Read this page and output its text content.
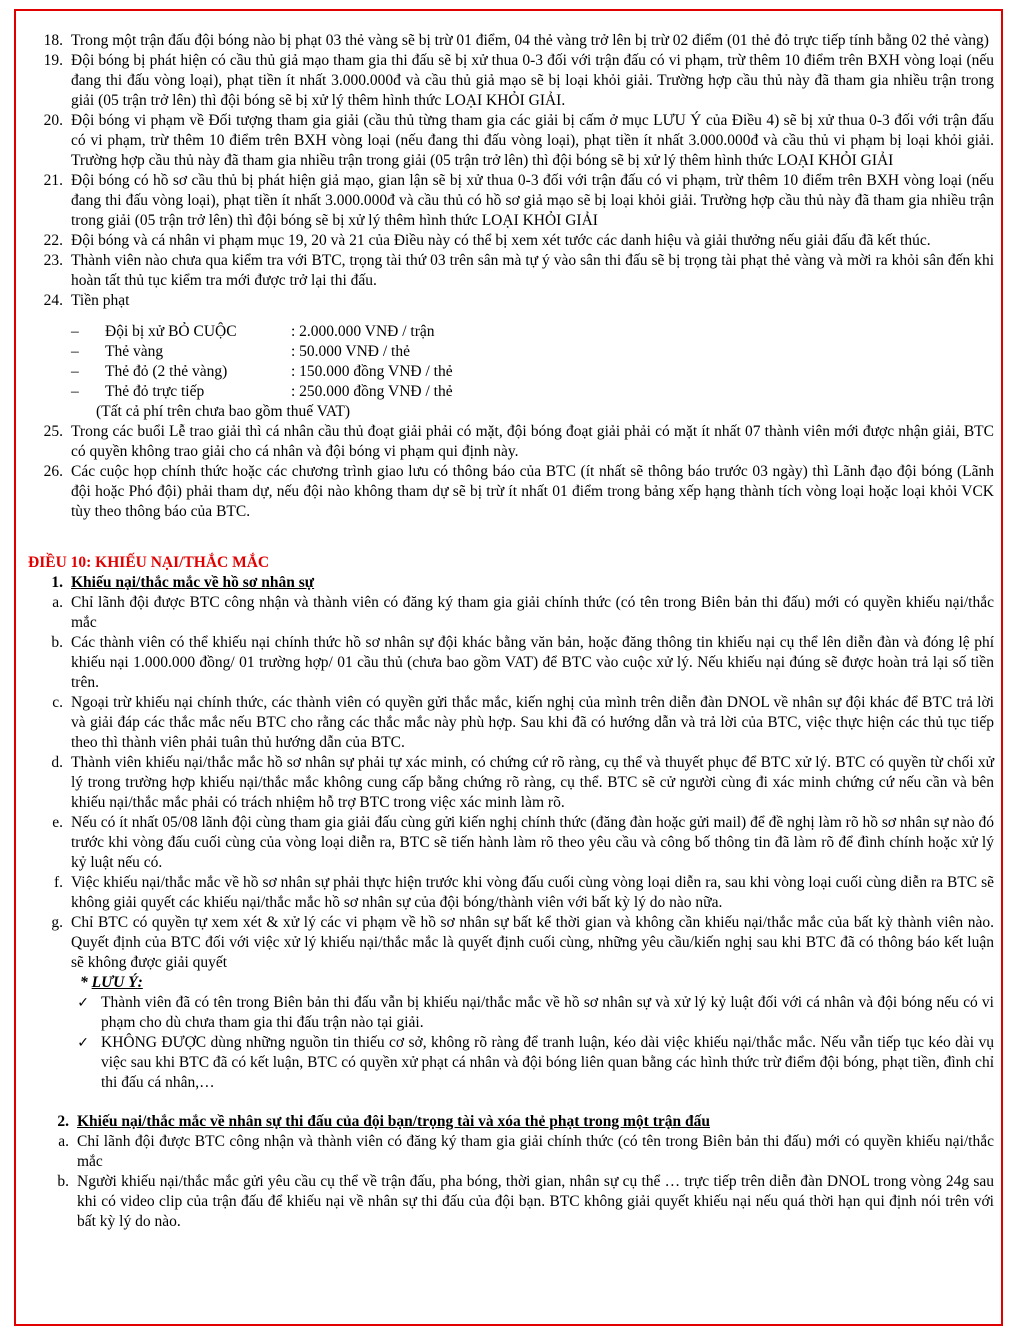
18. Trong một trận đấu đội bóng nào bị phạt 03 thẻ vàng sẽ bị trừ 01 điểm, 04 thẻ vàng trở lên bị trừ 02 điểm (01 thẻ đỏ trực tiếp tính bằng 02 thẻ vàng)
19. Đội bóng bị phát hiện có cầu thủ giả mạo tham gia thi đấu sẽ bị xử thua 0-3 đối với trận đấu có vi phạm, trừ thêm 10 điểm trên BXH vòng loại (nếu đang thi đấu vòng loại), phạt tiền ít nhất 3.000.000đ và cầu thủ giả mạo sẽ bị loại khỏi giải. Trường hợp cầu thủ này đã tham gia nhiều trận trong giải (05 trận trở lên) thì đội bóng sẽ bị xử lý thêm hình thức LOẠI KHỎI GIẢI.
20. Đội bóng vi phạm về Đối tượng tham gia giải (cầu thủ từng tham gia các giải bị cấm ở mục LƯU Ý của Điều 4) sẽ bị xử thua 0-3 đối với trận đấu có vi phạm, trừ thêm 10 điểm trên BXH vòng loại (nếu đang thi đấu vòng loại), phạt tiền ít nhất 3.000.000đ và cầu thủ vi phạm bị loại khỏi giải. Trường hợp cầu thủ này đã tham gia nhiều trận trong giải (05 trận trở lên) thì đội bóng sẽ bị xử lý thêm hình thức LOẠI KHỎI GIẢI
21. Đội bóng có hồ sơ cầu thủ bị phát hiện giả mạo, gian lận sẽ bị xử thua 0-3 đối với trận đấu có vi phạm, trừ thêm 10 điểm trên BXH vòng loại (nếu đang thi đấu vòng loại), phạt tiền ít nhất 3.000.000đ và cầu thủ có hồ sơ giả mạo sẽ bị loại khỏi giải. Trường hợp cầu thủ này đã tham gia nhiều trận trong giải (05 trận trở lên) thì đội bóng sẽ bị xử lý thêm hình thức LOẠI KHỎI GIẢI
22. Đội bóng và cá nhân vi phạm mục 19, 20 và 21 của Điều này có thể bị xem xét tước các danh hiệu và giải thưởng nếu giải đấu đã kết thúc.
23. Thành viên nào chưa qua kiểm tra với BTC, trọng tài thứ 03 trên sân mà tự ý vào sân thi đấu sẽ bị trọng tài phạt thẻ vàng và mời ra khỏi sân đến khi hoàn tất thủ tục kiểm tra mới được trở lại thi đấu.
24. Tiền phạt
–	Đội bị xử BỎ CUỘC	: 2.000.000 VNĐ / trận
–	Thẻ vàng	: 50.000 VNĐ / thẻ
–	Thẻ đỏ (2 thẻ vàng)	: 150.000 đồng VNĐ / thẻ
–	Thẻ đỏ trực tiếp	: 250.000 đồng VNĐ / thẻ
(Tất cả phí trên chưa bao gồm thuế VAT)
25. Trong các buổi Lễ trao giải thì cá nhân cầu thủ đoạt giải phải có mặt, đội bóng đoạt giải phải có mặt ít nhất 07 thành viên mới được nhận giải, BTC có quyền không trao giải cho cá nhân và đội bóng vi phạm qui định này.
26. Các cuộc họp chính thức hoặc các chương trình giao lưu có thông báo của BTC (ít nhất sẽ thông báo trước 03 ngày) thì Lãnh đạo đội bóng (Lãnh đội hoặc Phó đội) phải tham dự, nếu đội nào không tham dự sẽ bị trừ ít nhất 01 điểm trong bảng xếp hạng thành tích vòng loại hoặc loại khỏi VCK tùy theo thông báo của BTC.
ĐIỀU 10: KHIẾU NẠI/THẮC MẮC
1. Khiếu nại/thắc mắc về hồ sơ nhân sự
a. Chỉ lãnh đội được BTC công nhận và thành viên có đăng ký tham gia giải chính thức (có tên trong Biên bản thi đấu) mới có quyền khiếu nại/thắc mắc
b. Các thành viên có thể khiếu nại chính thức hồ sơ nhân sự đội khác bằng văn bản, hoặc đăng thông tin khiếu nại cụ thể lên diễn đàn và đóng lệ phí khiếu nại 1.000.000 đồng/ 01 trường hợp/ 01 cầu thủ (chưa bao gồm VAT) để BTC vào cuộc xử lý. Nếu khiếu nại đúng sẽ được hoàn trả lại số tiền trên.
c. Ngoại trừ khiếu nại chính thức, các thành viên có quyền gửi thắc mắc, kiến nghị của mình trên diễn đàn DNOL về nhân sự đội khác để BTC trả lời và giải đáp các thắc mắc nếu BTC cho rằng các thắc mắc này phù hợp. Sau khi đã có hướng dẫn và trả lời của BTC, việc thực hiện các thủ tục tiếp theo thì thành viên phải tuân thủ hướng dẫn của BTC.
d. Thành viên khiếu nại/thắc mắc hồ sơ nhân sự phải tự xác minh, có chứng cứ rõ ràng, cụ thể và thuyết phục để BTC xử lý. BTC có quyền từ chối xử lý trong trường hợp khiếu nại/thắc mắc không cung cấp bằng chứng rõ ràng, cụ thể. BTC sẽ cử người cùng đi xác minh chứng cứ nếu cần và bên khiếu nại/thắc mắc phải có trách nhiệm hỗ trợ BTC trong việc xác minh làm rõ.
e. Nếu có ít nhất 05/08 lãnh đội cùng tham gia giải đấu cùng gửi kiến nghị chính thức (đăng đàn hoặc gửi mail) để đề nghị làm rõ hồ sơ nhân sự nào đó trước khi vòng đấu cuối cùng của vòng loại diễn ra, BTC sẽ tiến hành làm rõ theo yêu cầu và công bố thông tin đã làm rõ để đình chính hoặc xử lý kỷ luật nếu có.
f. Việc khiếu nại/thắc mắc về hồ sơ nhân sự phải thực hiện trước khi vòng đấu cuối cùng vòng loại diễn ra, sau khi vòng loại cuối cùng diễn ra BTC sẽ không giải quyết các khiếu nại/thắc mắc hồ sơ nhân sự của đội bóng/thành viên với bất kỳ lý do nào nữa.
g. Chỉ BTC có quyền tự xem xét & xử lý các vi phạm về hồ sơ nhân sự bất kể thời gian và không cần khiếu nại/thắc mắc của bất kỳ thành viên nào. Quyết định của BTC đối với việc xử lý khiếu nại/thắc mắc là quyết định cuối cùng, những yêu cầu/kiến nghị sau khi BTC đã có thông báo kết luận sẽ không được giải quyết
* LƯU Ý:
✓ Thành viên đã có tên trong Biên bản thi đấu vẫn bị khiếu nại/thắc mắc về hồ sơ nhân sự và xử lý kỷ luật đối với cá nhân và đội bóng nếu có vi phạm cho dù chưa tham gia thi đấu trận nào tại giải.
✓ KHÔNG ĐƯỢC dùng những nguồn tin thiếu cơ sở, không rõ ràng để tranh luận, kéo dài việc khiếu nại/thắc mắc. Nếu vẫn tiếp tục kéo dài vụ việc sau khi BTC đã có kết luận, BTC có quyền xử phạt cá nhân và đội bóng liên quan bằng các hình thức trừ điểm đội bóng, phạt tiền, đình chỉ thi đấu cá nhân,…
2. Khiếu nại/thắc mắc về nhân sự thi đấu của đội bạn/trọng tài và xóa thẻ phạt trong một trận đấu
a. Chỉ lãnh đội được BTC công nhận và thành viên có đăng ký tham gia giải chính thức (có tên trong Biên bản thi đấu) mới có quyền khiếu nại/thắc mắc
b. Người khiếu nại/thắc mắc gửi yêu cầu cụ thể về trận đấu, pha bóng, thời gian, nhân sự cụ thể … trực tiếp trên diễn đàn DNOL trong vòng 24g sau khi có video clip của trận đấu để khiếu nại về nhân sự thi đấu của đội bạn. BTC không giải quyết khiếu nại nếu quá thời hạn qui định nói trên với bất kỳ lý do nào.
